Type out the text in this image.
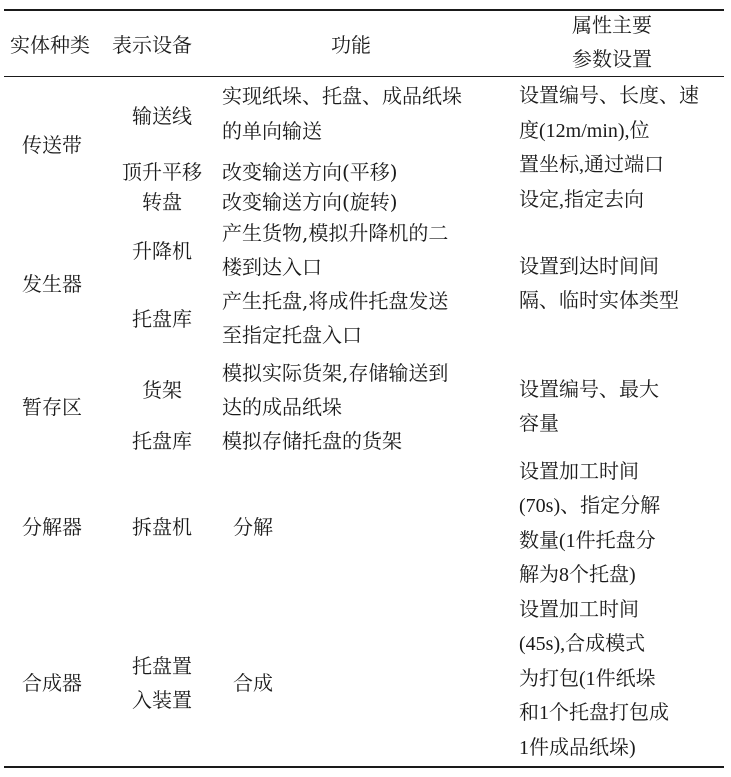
实体种类 表示设备	功能
属性主要
参数设置
传送带
发生器
暂存区
分解器
合成器
输送线
顶升平移
转盘
升降机
托盘库
货架
托盘库
拆盘机
托盘置
入装置
实现纸垛、托盘、成品纸垛
的单向输送
改变输送方向(平移)
改变输送方向(旋转)
产生货物,模拟升降机的二
楼到达入口
产生托盘,将成件托盘发送
至指定托盘入口
模拟实际货架,存储输送到
达的成品纸垛
模拟存储托盘的货架
分解
合成
设置编号、长度、速
度(12m/min),位
置坐标,通过端口
设定,指定去向
设置到达时间间
隔、临时实体类型
设置编号、最大
容量
设置加工时间
(70s)、指定分解
数量(1件托盘分
解为8个托盘)
设置加工时间
(45s),合成模式
为打包(1件纸垛
和1个托盘打包成
1件成品纸垛)
